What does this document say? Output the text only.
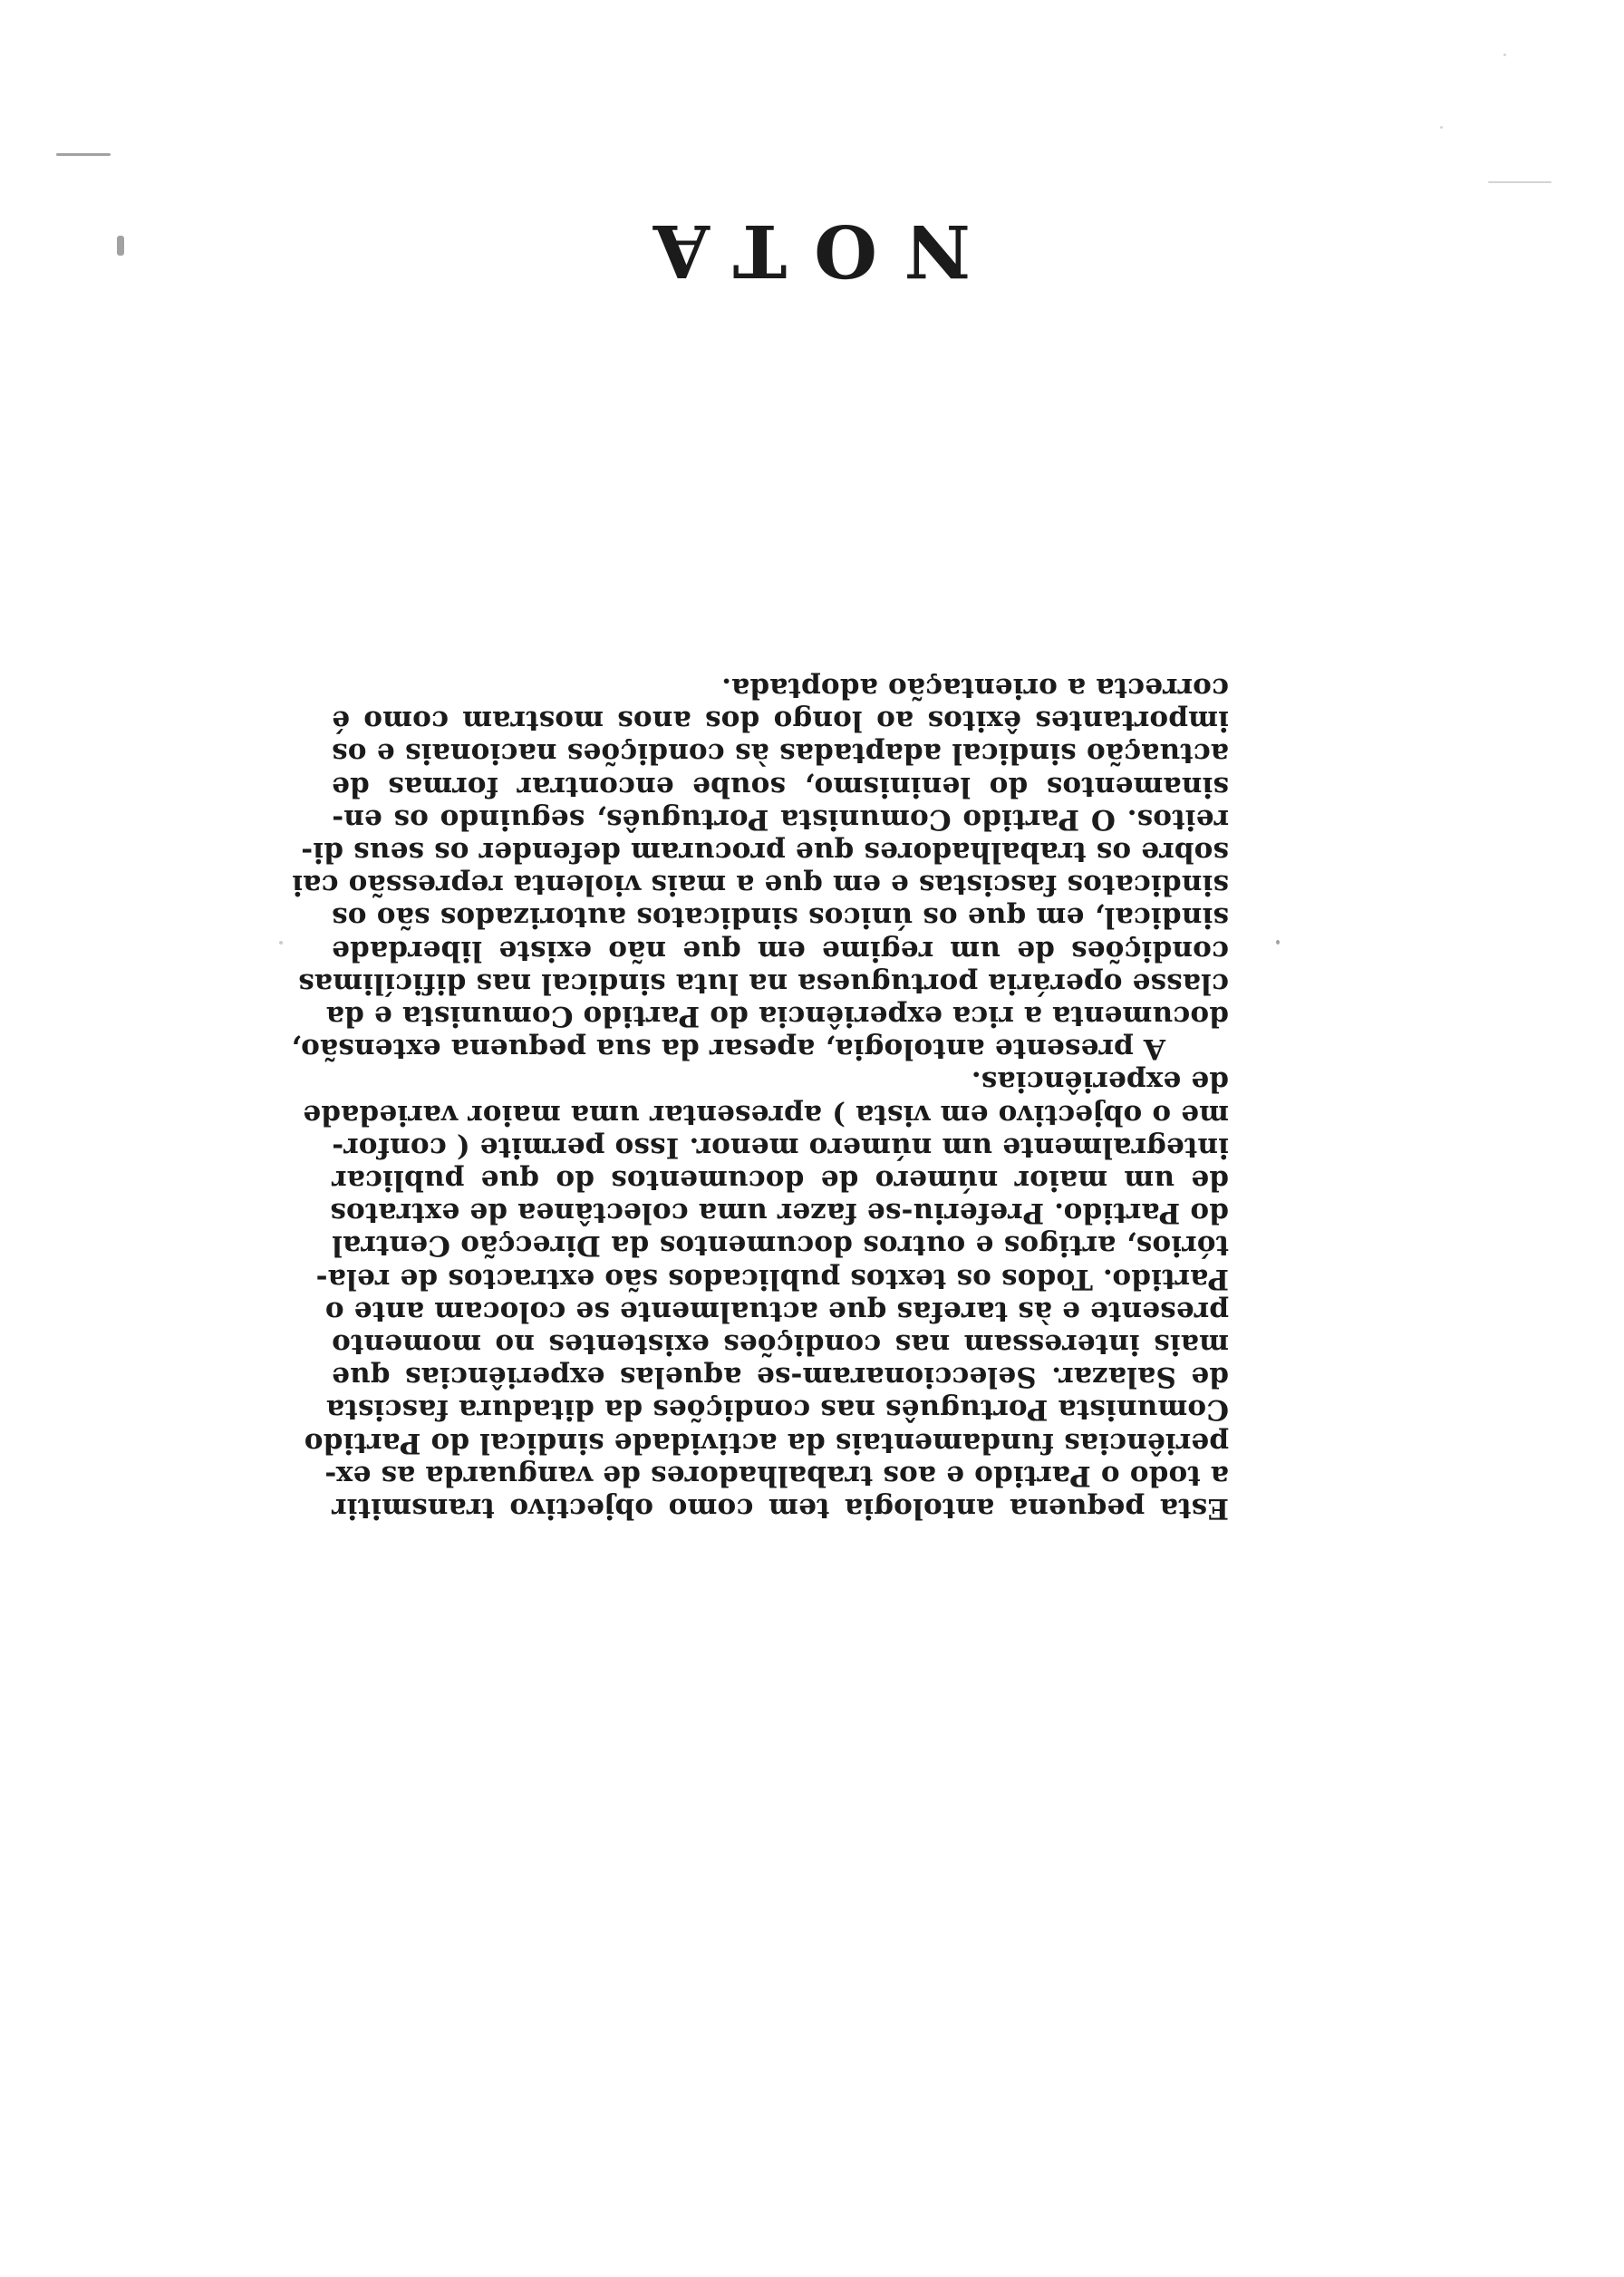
NOTA
Esta pequena antologia tem como objectivo transmitir
a todo o Partido e aos trabalhadores de vanguarda as ex-
periências fundamentais da actividade sindical do Partido
Comunista Português nas condições da ditadura fascista
de Salazar. Seleccionaram-se aquelas experiências que
mais interessam nas condições existentes no momento
presente e às tarefas que actualmente se colocam ante o
Partido. Todos os textos publicados são extractos de rela-
tórios, artigos e outros documentos da Direcção Central
do Partido. Preferiu-se fazer uma colectânea de extratos
de um maior número de documentos do que publicar
integralmente um número menor. Isso permite ( confor-
me o objectivo em vista ) apresentar uma maior variedade
de experiências.
A presente antologia, apesar da sua pequena extensão,
documenta a rica experiência do Partido Comunista e da
classe operária portuguesa na luta sindical nas dificílimas
condições de um regime em que não existe liberdade
sindical, em que os únicos sindicatos autorizados são os
sindicatos fascistas e em que a mais violenta repressão cai
sobre os trabalhadores que procuram defender os seus di-
reitos. O Partido Comunista Português, seguindo os en-
sinamentos do leninismo, soube encontrar formas de
actuação sindical adaptadas às condições nacionais e os
importantes êxitos ao longo dos anos mostram como é
correcta a orientação adoptada.
